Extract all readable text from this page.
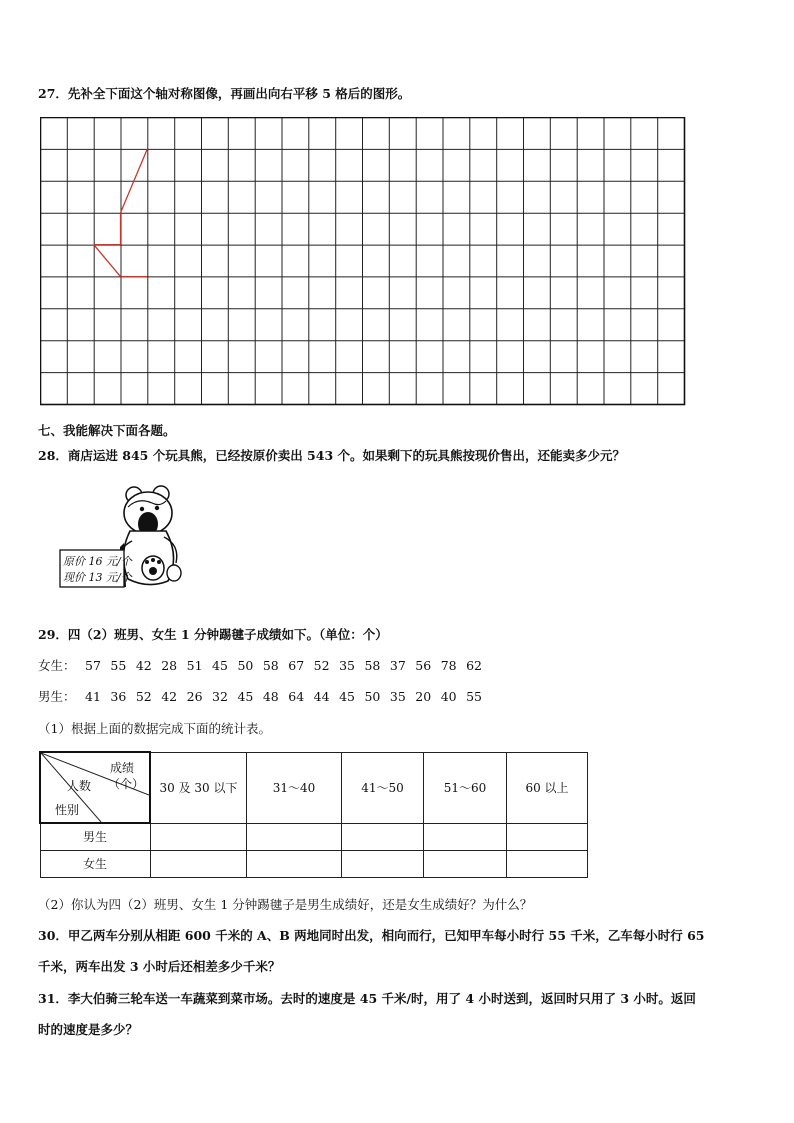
27．先补全下面这个轴对称图像，再画出向右平移 5 格后的图形。
七、我能解决下面各题。
28．商店运进 845 个玩具熊，已经按原价卖出 543 个。如果剩下的玩具熊按现价售出，还能卖多少元？
原价 16 元/个
现价 13 元/个
29．四（2）班男、女生 1 分钟踢毽子成绩如下。（单位：个）
女生： 57 55 42 28 51 45 50 58 67 52 35 58 37 56 78 62
男生： 41 36 52 42 26 32 45 48 64 44 45 50 35 20 40 55
（1）根据上面的数据完成下面的统计表。
成绩
（个）
人数
性别	30 及 30 以下	31～40	41～50	51～60	60 以上
男生					
女生					
（2）你认为四（2）班男、女生 1 分钟踢毽子是男生成绩好，还是女生成绩好？为什么？
30．甲乙两车分别从相距 600 千米的 A、B 两地同时出发，相向而行，已知甲车每小时行 55 千米，乙车每小时行 65
千米，两车出发 3 小时后还相差多少千米？
31．李大伯骑三轮车送一车蔬菜到菜市场。去时的速度是 45 千米/时，用了 4 小时送到，返回时只用了 3 小时。返回
时的速度是多少？
